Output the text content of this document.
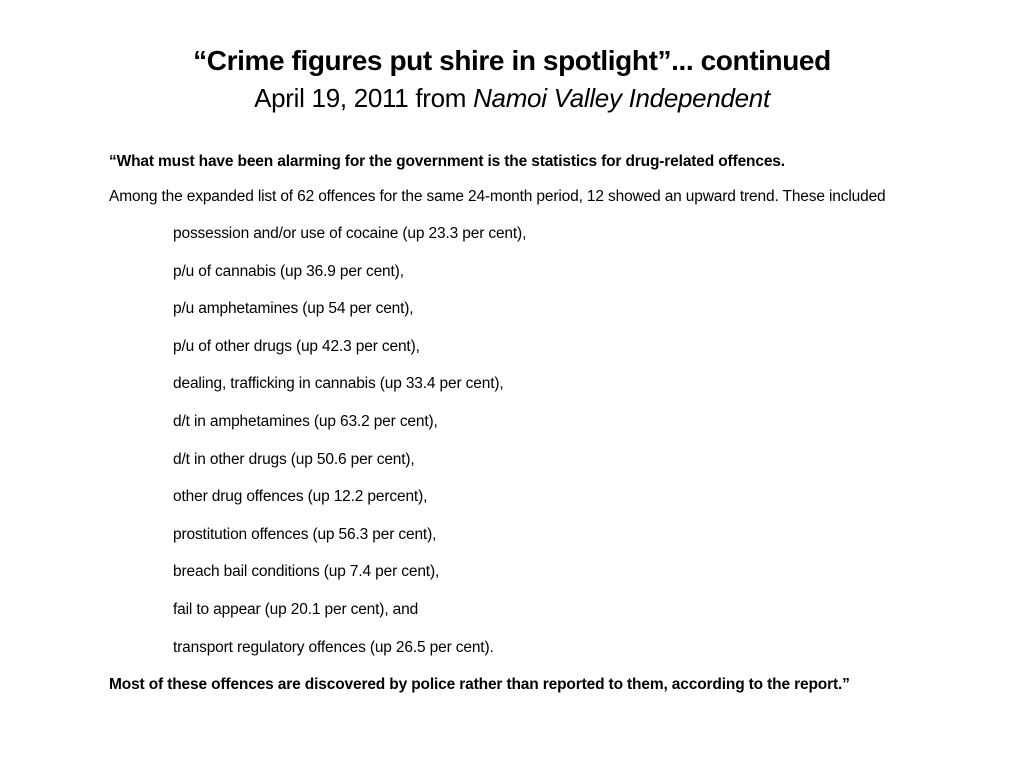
“Crime figures put shire in spotlight”... continued
April 19, 2011 from Namoi Valley Independent

“What must have been alarming for the government is the statistics for drug-related offences.

Among the expanded list of 62 offences for the same 24-month period, 12 showed an upward trend. These included

possession and/or use of cocaine (up 23.3 per cent),
p/u of cannabis (up 36.9 per cent),
p/u amphetamines (up 54 per cent),
p/u of other drugs (up 42.3 per cent),
dealing, trafficking in cannabis (up 33.4 per cent),
d/t in amphetamines (up 63.2 per cent),
d/t in other drugs (up 50.6 per cent),
other drug offences (up 12.2 percent),
prostitution offences (up 56.3 per cent),
breach bail conditions (up 7.4 per cent),
fail to appear (up 20.1 per cent), and
transport regulatory offences (up 26.5 per cent).

Most of these offences are discovered by police rather than reported to them, according to the report.”
